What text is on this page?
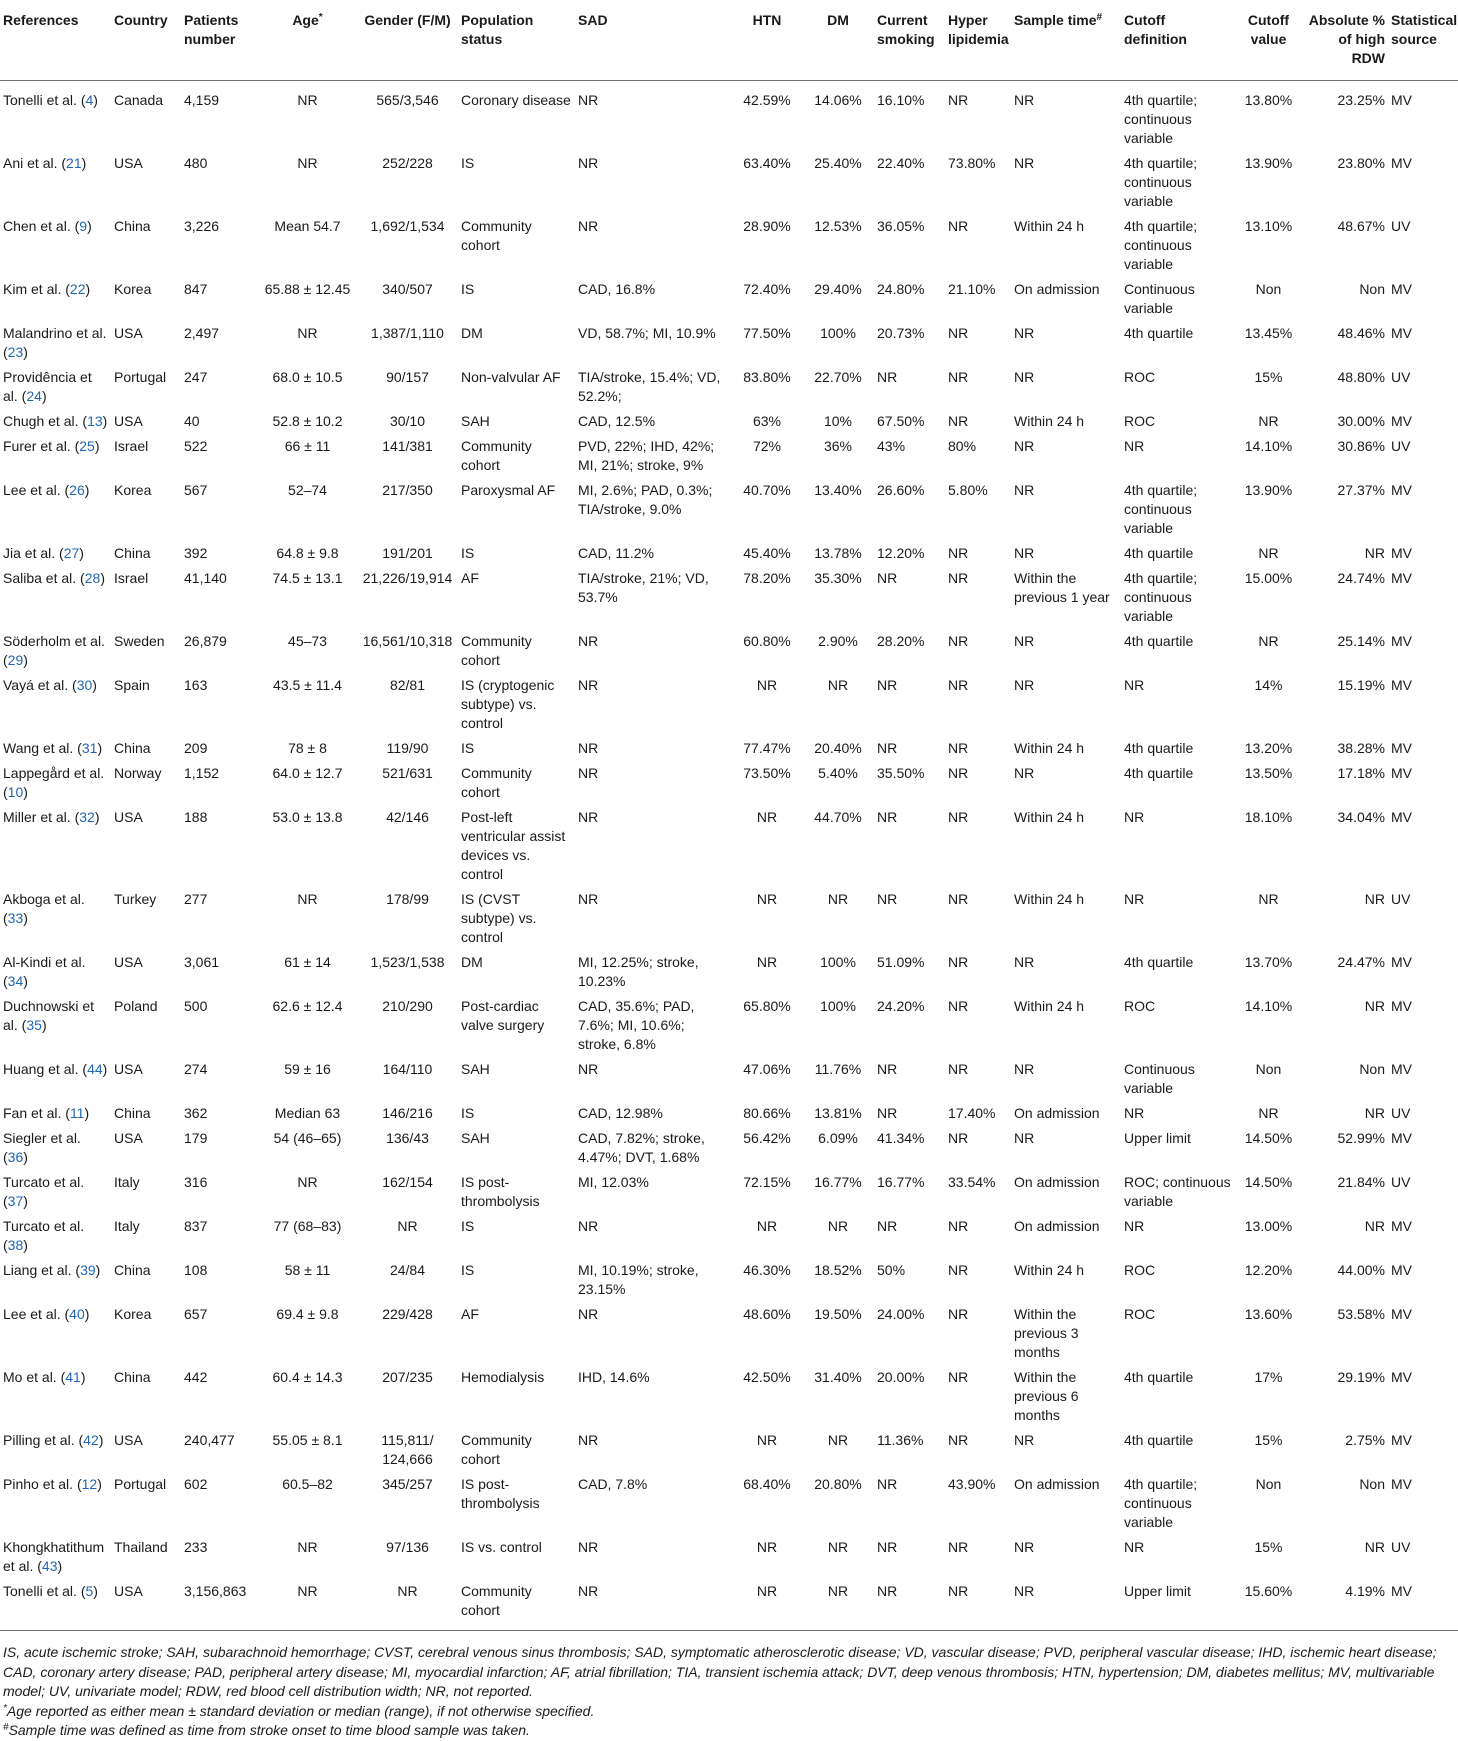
References	Country	Patients number	Age*	Gender (F/M)	Population status	SAD	HTN	DM	Current smoking	Hyper lipidemia	Sample time#	Cutoff definition	Cutoff value	Absolute % of high RDW	Statistical source
Tonelli et al. (4)	Canada	4,159	NR	565/3,546	Coronary disease	NR	42.59%	14.06%	16.10%	NR	NR	4th quartile; continuous variable	13.80%	23.25%	MV
Ani et al. (21)	USA	480	NR	252/228	IS	NR	63.40%	25.40%	22.40%	73.80%	NR	4th quartile; continuous variable	13.90%	23.80%	MV
Chen et al. (9)	China	3,226	Mean 54.7	1,692/1,534	Community cohort	NR	28.90%	12.53%	36.05%	NR	Within 24 h	4th quartile; continuous variable	13.10%	48.67%	UV
Kim et al. (22)	Korea	847	65.88 ± 12.45	340/507	IS	CAD, 16.8%	72.40%	29.40%	24.80%	21.10%	On admission	Continuous variable	Non	Non	MV
Malandrino et al. (23)	USA	2,497	NR	1,387/1,110	DM	VD, 58.7%; MI, 10.9%	77.50%	100%	20.73%	NR	NR	4th quartile	13.45%	48.46%	MV
Providência et al. (24)	Portugal	247	68.0 ± 10.5	90/157	Non-valvular AF	TIA/stroke, 15.4%; VD, 52.2%;	83.80%	22.70%	NR	NR	NR	ROC	15%	48.80%	UV
Chugh et al. (13)	USA	40	52.8 ± 10.2	30/10	SAH	CAD, 12.5%	63%	10%	67.50%	NR	Within 24 h	ROC	NR	30.00%	MV
Furer et al. (25)	Israel	522	66 ± 11	141/381	Community cohort	PVD, 22%; IHD, 42%; MI, 21%; stroke, 9%	72%	36%	43%	80%	NR	NR	14.10%	30.86%	UV
Lee et al. (26)	Korea	567	52–74	217/350	Paroxysmal AF	MI, 2.6%; PAD, 0.3%; TIA/stroke, 9.0%	40.70%	13.40%	26.60%	5.80%	NR	4th quartile; continuous variable	13.90%	27.37%	MV
Jia et al. (27)	China	392	64.8 ± 9.8	191/201	IS	CAD, 11.2%	45.40%	13.78%	12.20%	NR	NR	4th quartile	NR	NR	MV
Saliba et al. (28)	Israel	41,140	74.5 ± 13.1	21,226/19,914	AF	TIA/stroke, 21%; VD, 53.7%	78.20%	35.30%	NR	NR	Within the previous 1 year	4th quartile; continuous variable	15.00%	24.74%	MV
Söderholm et al. (29)	Sweden	26,879	45–73	16,561/10,318	Community cohort	NR	60.80%	2.90%	28.20%	NR	NR	4th quartile	NR	25.14%	MV
Vayá et al. (30)	Spain	163	43.5 ± 11.4	82/81	IS (cryptogenic subtype) vs. control	NR	NR	NR	NR	NR	NR	NR	14%	15.19%	MV
Wang et al. (31)	China	209	78 ± 8	119/90	IS	NR	77.47%	20.40%	NR	NR	Within 24 h	4th quartile	13.20%	38.28%	MV
Lappegård et al. (10)	Norway	1,152	64.0 ± 12.7	521/631	Community cohort	NR	73.50%	5.40%	35.50%	NR	NR	4th quartile	13.50%	17.18%	MV
Miller et al. (32)	USA	188	53.0 ± 13.8	42/146	Post-left ventricular assist devices vs. control	NR	NR	44.70%	NR	NR	Within 24 h	NR	18.10%	34.04%	MV
Akboga et al. (33)	Turkey	277	NR	178/99	IS (CVST subtype) vs. control	NR	NR	NR	NR	NR	Within 24 h	NR	NR	NR	UV
Al-Kindi et al. (34)	USA	3,061	61 ± 14	1,523/1,538	DM	MI, 12.25%; stroke, 10.23%	NR	100%	51.09%	NR	NR	4th quartile	13.70%	24.47%	MV
Duchnowski et al. (35)	Poland	500	62.6 ± 12.4	210/290	Post-cardiac valve surgery	CAD, 35.6%; PAD, 7.6%; MI, 10.6%; stroke, 6.8%	65.80%	100%	24.20%	NR	Within 24 h	ROC	14.10%	NR	MV
Huang et al. (44)	USA	274	59 ± 16	164/110	SAH	NR	47.06%	11.76%	NR	NR	NR	Continuous variable	Non	Non	MV
Fan et al. (11)	China	362	Median 63	146/216	IS	CAD, 12.98%	80.66%	13.81%	NR	17.40%	On admission	NR	NR	NR	UV
Siegler et al. (36)	USA	179	54 (46–65)	136/43	SAH	CAD, 7.82%; stroke, 4.47%; DVT, 1.68%	56.42%	6.09%	41.34%	NR	NR	Upper limit	14.50%	52.99%	MV
Turcato et al. (37)	Italy	316	NR	162/154	IS post-thrombolysis	MI, 12.03%	72.15%	16.77%	16.77%	33.54%	On admission	ROC; continuous variable	14.50%	21.84%	UV
Turcato et al. (38)	Italy	837	77 (68–83)	NR	IS	NR	NR	NR	NR	NR	On admission	NR	13.00%	NR	MV
Liang et al. (39)	China	108	58 ± 11	24/84	IS	MI, 10.19%; stroke, 23.15%	46.30%	18.52%	50%	NR	Within 24 h	ROC	12.20%	44.00%	MV
Lee et al. (40)	Korea	657	69.4 ± 9.8	229/428	AF	NR	48.60%	19.50%	24.00%	NR	Within the previous 3 months	ROC	13.60%	53.58%	MV
Mo et al. (41)	China	442	60.4 ± 14.3	207/235	Hemodialysis	IHD, 14.6%	42.50%	31.40%	20.00%	NR	Within the previous 6 months	4th quartile	17%	29.19%	MV
Pilling et al. (42)	USA	240,477	55.05 ± 8.1	115,811/ 124,666	Community cohort	NR	NR	NR	11.36%	NR	NR	4th quartile	15%	2.75%	MV
Pinho et al. (12)	Portugal	602	60.5–82	345/257	IS post-thrombolysis	CAD, 7.8%	68.40%	20.80%	NR	43.90%	On admission	4th quartile; continuous variable	Non	Non	MV
Khongkhatithum et al. (43)	Thailand	233	NR	97/136	IS vs. control	NR	NR	NR	NR	NR	NR	NR	15%	NR	UV
Tonelli et al. (5)	USA	3,156,863	NR	NR	Community cohort	NR	NR	NR	NR	NR	NR	Upper limit	15.60%	4.19%	MV

IS, acute ischemic stroke; SAH, subarachnoid hemorrhage; CVST, cerebral venous sinus thrombosis; SAD, symptomatic atherosclerotic disease; VD, vascular disease; PVD, peripheral vascular disease; IHD, ischemic heart disease; CAD, coronary artery disease; PAD, peripheral artery disease; MI, myocardial infarction; AF, atrial fibrillation; TIA, transient ischemia attack; DVT, deep venous thrombosis; HTN, hypertension; DM, diabetes mellitus; MV, multivariable model; UV, univariate model; RDW, red blood cell distribution width; NR, not reported.

*Age reported as either mean ± standard deviation or median (range), if not otherwise specified.

#Sample time was defined as time from stroke onset to time blood sample was taken.
